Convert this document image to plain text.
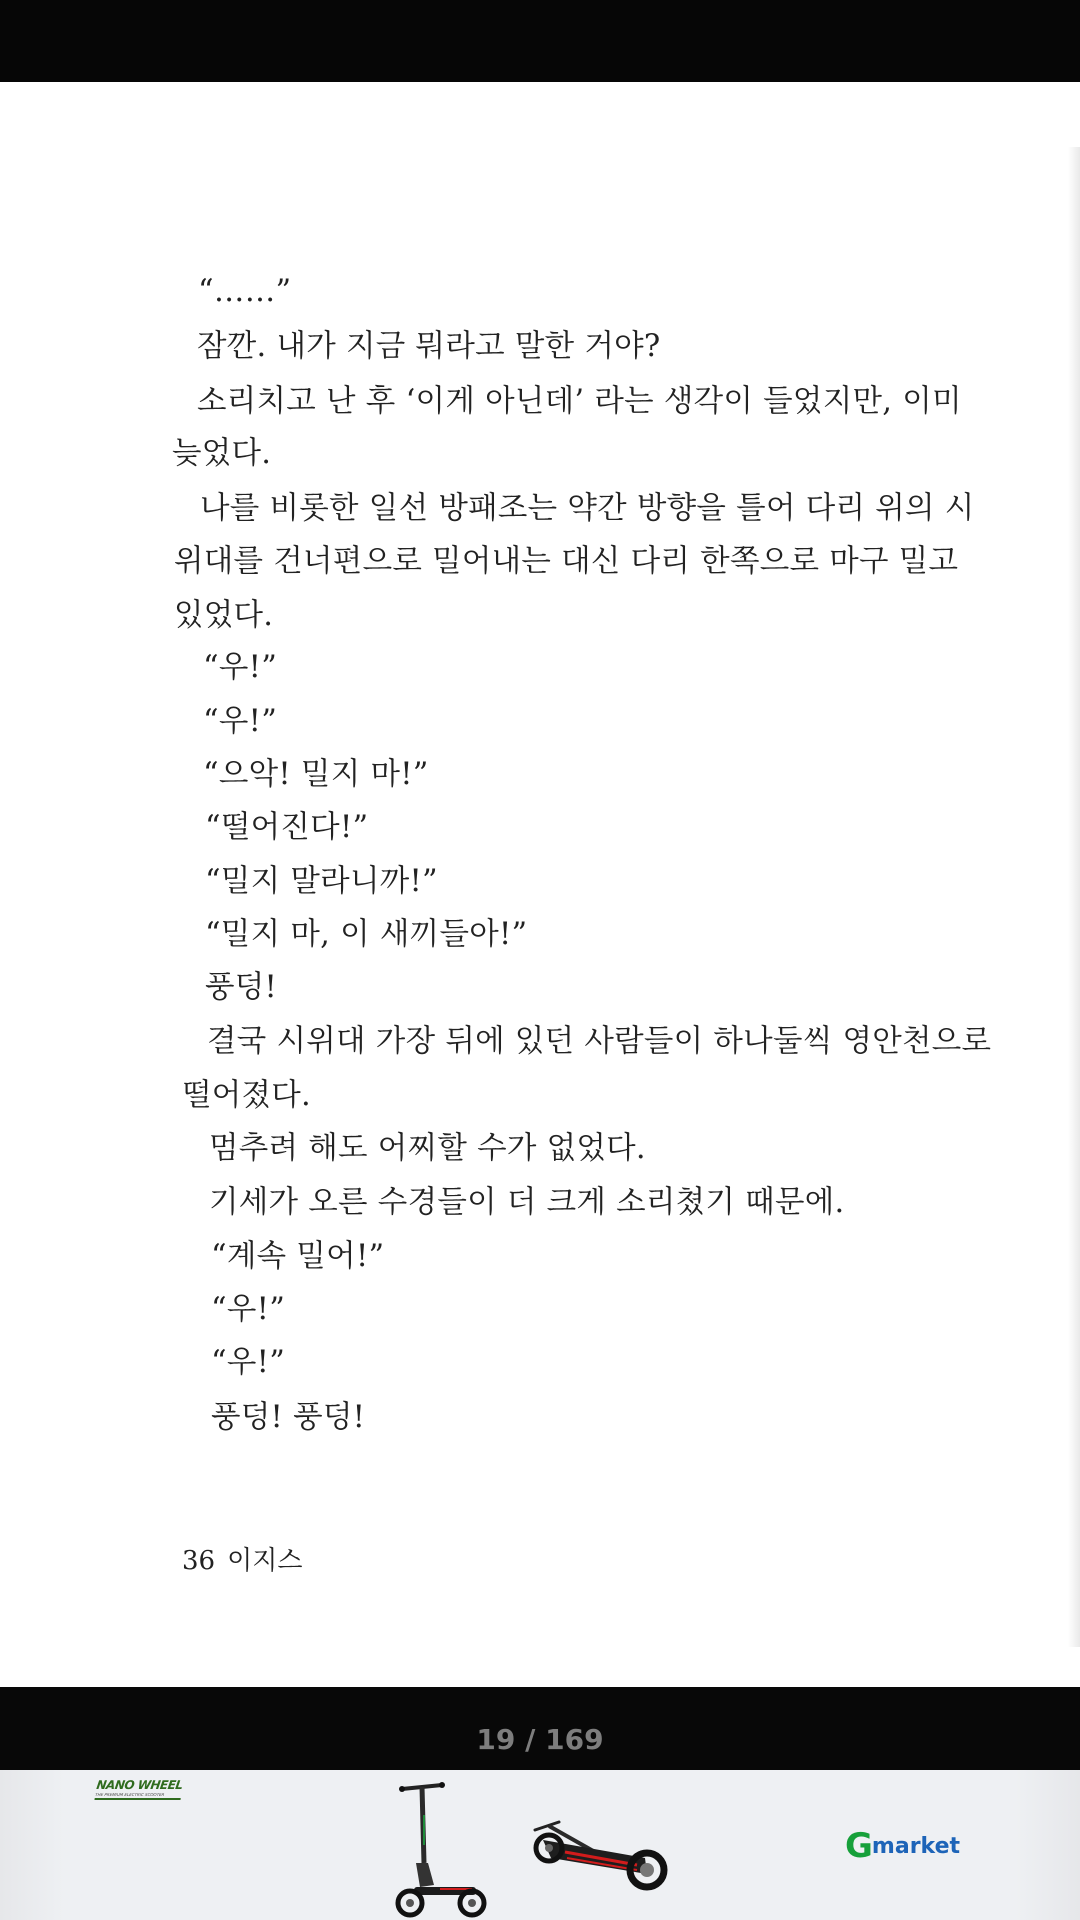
“……”
잠깐. 내가 지금 뭐라고 말한 거야?
소리치고 난 후 ‘이게 아닌데’ 라는 생각이 들었지만, 이미
늦었다.
나를 비롯한 일선 방패조는 약간 방향을 틀어 다리 위의 시
위대를 건너편으로 밀어내는 대신 다리 한쪽으로 마구 밀고
있었다.
“우!”
“우!”
“으악! 밀지 마!”
“떨어진다!”
“밀지 말라니까!”
“밀지 마, 이 새끼들아!”
풍덩!
결국 시위대 가장 뒤에 있던 사람들이 하나둘씩 영안천으로
떨어졌다.
멈추려 해도 어찌할 수가 없었다.
기세가 오른 수경들이 더 크게 소리쳤기 때문에.
“계속 밀어!”
“우!”
“우!”
풍덩! 풍덩!
36 이지스
19 / 169
NANO WHEEL
THE PREMIUM ELECTRIC SCOOTER
Gmarket
